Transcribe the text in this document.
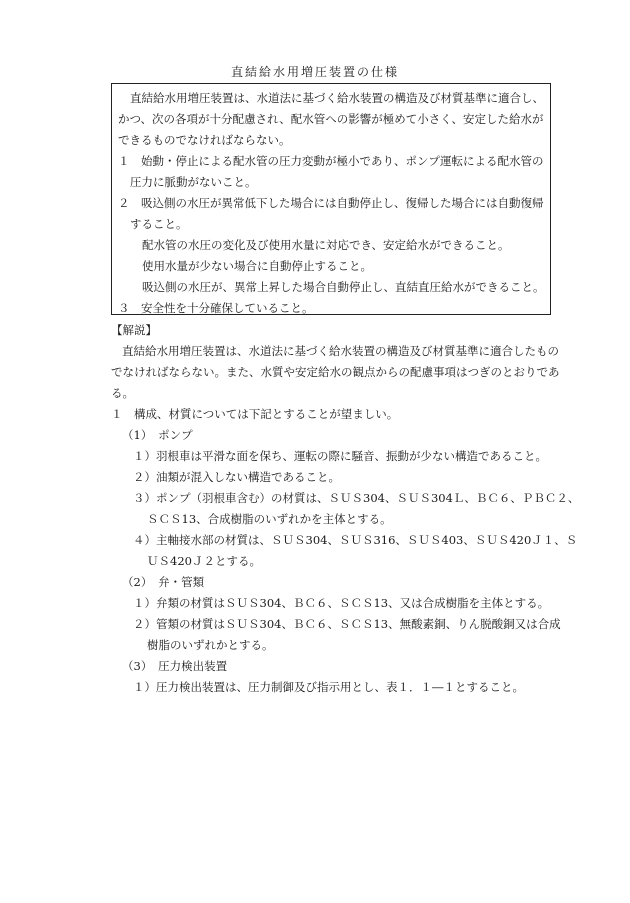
直結給水用増圧装置の仕様

直結給水用増圧装置は、水道法に基づく給水装置の構造及び材質基準に適合し、

かつ、次の各項が十分配慮され、配水管への影響が極めて小さく、安定した給水が

できるものでなければならない。

１　始動・停止による配水管の圧力変動が極小であり、ポンプ運転による配水管の

圧力に脈動がないこと。

２　吸込側の水圧が異常低下した場合には自動停止し、復帰した場合には自動復帰

すること。

配水管の水圧の変化及び使用水量に対応でき、安定給水ができること。

使用水量が少ない場合に自動停止すること。

吸込側の水圧が、異常上昇した場合自動停止し、直結直圧給水ができること。

３　安全性を十分確保していること。

【解説】

直結給水用増圧装置は、水道法に基づく給水装置の構造及び材質基準に適合したもの

でなければならない。また、水質や安定給水の観点からの配慮事項はつぎのとおりであ

る。

１　構成、材質については下記とすることが望ましい。

（1）　ポンプ

１）羽根車は平滑な面を保ち、運転の際に騒音、振動が少ない構造であること。

２）油類が混入しない構造であること。

３）ポンプ（羽根車含む）の材質は、ＳＵＳ304、ＳＵＳ304Ｌ、ＢＣ６、ＰＢＣ２、

ＳＣＳ13、合成樹脂のいずれかを主体とする。

４）主軸接水部の材質は、ＳＵＳ304、ＳＵＳ316、ＳＵＳ403、ＳＵＳ420Ｊ１、Ｓ

ＵＳ420Ｊ２とする。

（2）　弁・管類

１）弁類の材質はＳＵＳ304、ＢＣ６、ＳＣＳ13、又は合成樹脂を主体とする。

２）管類の材質はＳＵＳ304、ＢＣ６、ＳＣＳ13、無酸素銅、りん脱酸銅又は合成

樹脂のいずれかとする。

（3）　圧力検出装置

１）圧力検出装置は、圧力制御及び指示用とし、表１．１―１とすること。
